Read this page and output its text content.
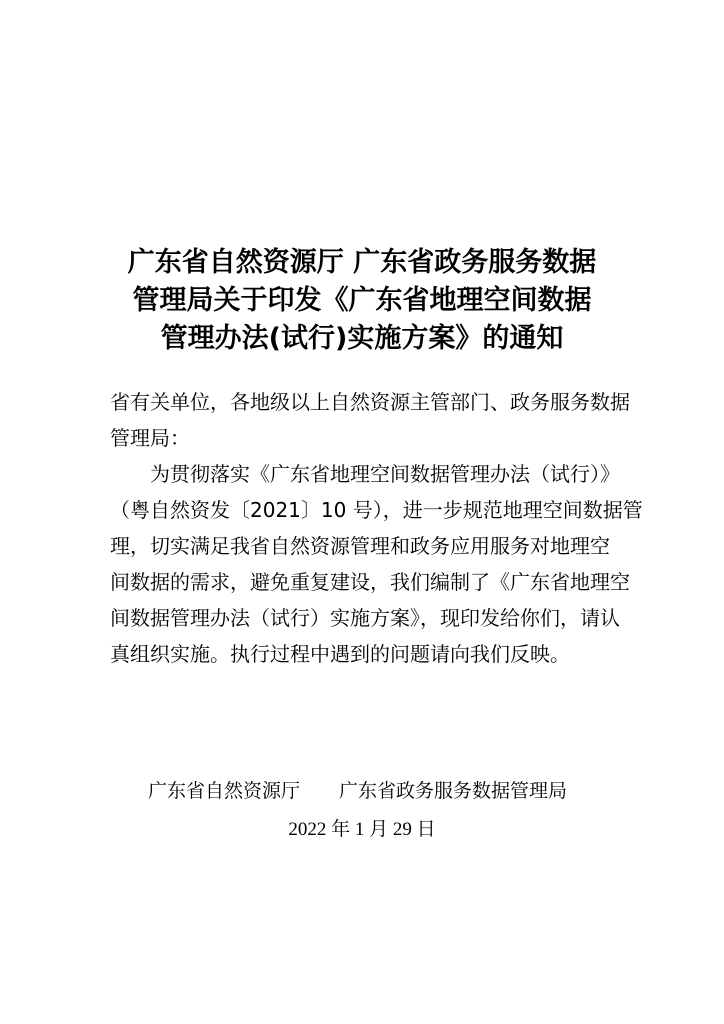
广东省自然资源厅 广东省政务服务数据
管理局关于印发《广东省地理空间数据
管理办法(试行)实施方案》的通知
省有关单位，各地级以上自然资源主管部门、政务服务数据
管理局：
为贯彻落实《广东省地理空间数据管理办法（试行）》
（粤自然资发〔2021〕10 号），进一步规范地理空间数据管
理，切实满足我省自然资源管理和政务应用服务对地理空
间数据的需求，避免重复建设，我们编制了《广东省地理空
间数据管理办法（试行）实施方案》，现印发给你们，请认
真组织实施。执行过程中遇到的问题请向我们反映。
广东省自然资源厅 广东省政务服务数据管理局
2022 年 1 月 29 日
